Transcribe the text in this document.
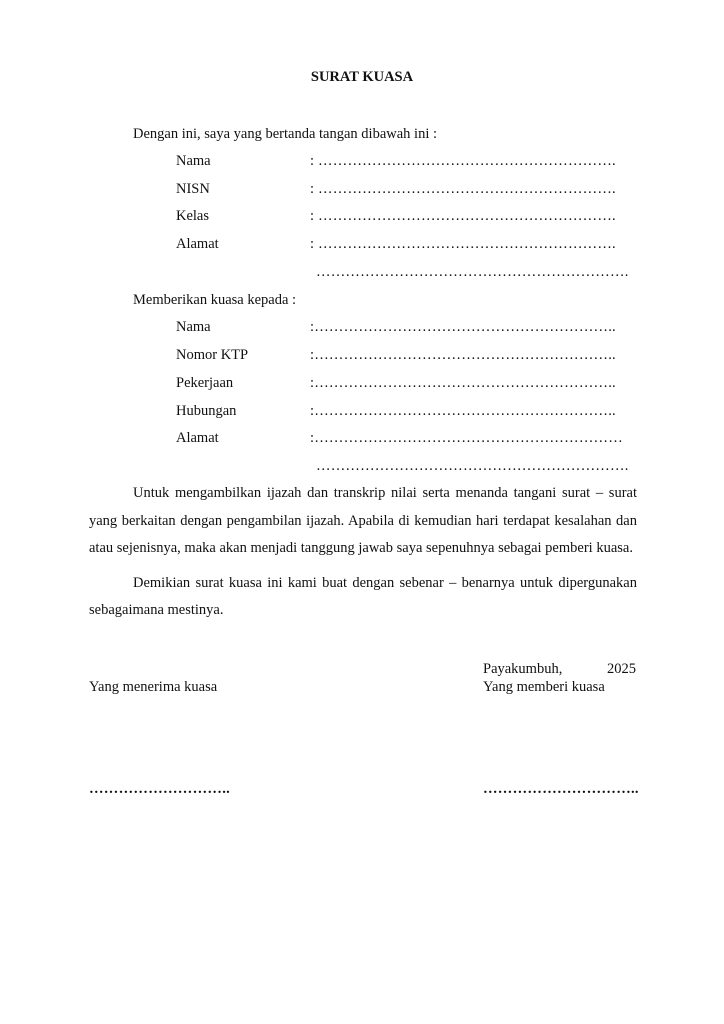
SURAT KUASA
Dengan ini, saya yang bertanda tangan dibawah ini :
Nama	: …………………………………………………….
NISN	: …………………………………………………….
Kelas	: …………………………………………………….
Alamat	: …………………………………………………….
……………………………………………………….
Memberikan kuasa kepada :
Nama	:……………………………………………………..
Nomor KTP	:……………………………………………………..
Pekerjaan	:……………………………………………………..
Hubungan	:……………………………………………………..
Alamat	:………………………………………………………
……………………………………………………….

Untuk mengambilkan ijazah dan transkrip nilai serta menanda tangani surat – surat yang berkaitan dengan pengambilan ijazah. Apabila di kemudian hari terdapat kesalahan dan atau sejenisnya, maka akan menjadi tanggung jawab saya sepenuhnya sebagai pemberi kuasa.

Demikian surat kuasa ini kami buat dengan sebenar – benarnya untuk dipergunakan sebagaimana mestinya.

Payakumbuh,	2025
Yang menerima kuasa	Yang memberi kuasa
………………………..	…………………………..
